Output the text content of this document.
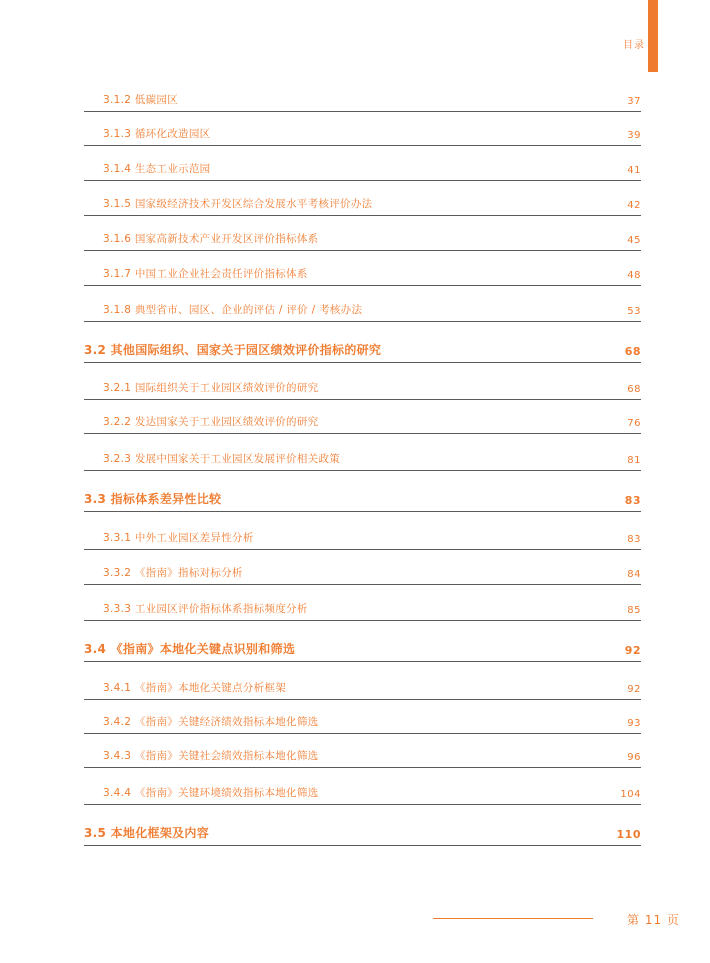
目录
3.1.2 低碳园区	37
3.1.3 循环化改造园区	39
3.1.4 生态工业示范园	41
3.1.5 国家级经济技术开发区综合发展水平考核评价办法	42
3.1.6 国家高新技术产业开发区评价指标体系	45
3.1.7 中国工业企业社会责任评价指标体系	48
3.1.8 典型省市、园区、企业的评估 / 评价 / 考核办法	53
3.2 其他国际组织、国家关于园区绩效评价指标的研究	68
3.2.1 国际组织关于工业园区绩效评价的研究	68
3.2.2 发达国家关于工业园区绩效评价的研究	76
3.2.3 发展中国家关于工业园区发展评价相关政策	81
3.3 指标体系差异性比较	83
3.3.1 中外工业园区差异性分析	83
3.3.2 《指南》指标对标分析	84
3.3.3 工业园区评价指标体系指标频度分析	85
3.4 《指南》本地化关键点识别和筛选	92
3.4.1 《指南》本地化关键点分析框架	92
3.4.2 《指南》关键经济绩效指标本地化筛选	93
3.4.3 《指南》关键社会绩效指标本地化筛选	96
3.4.4 《指南》关键环境绩效指标本地化筛选	104
3.5 本地化框架及内容	110
第 11 页
